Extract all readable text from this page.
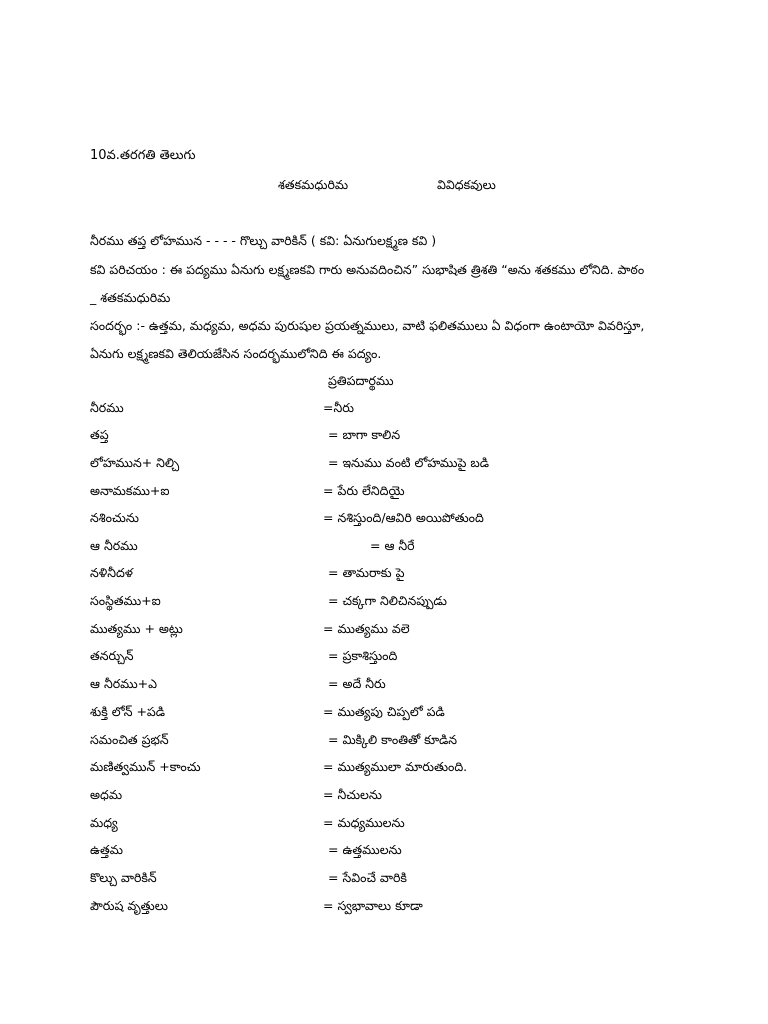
10వ.తరగతి తెలుగు
శతకమధురిమ	వివిధకవులు
నీరము తప్త లోహమున - - - - గొల్చు వారికిన్ ( కవి: ఏనుగులక్ష్మణ కవి )
కవి పరిచయం : ఈ పద్యము ఏనుగు లక్ష్మణకవి గారు అనువదించిన” సుభాషిత త్రిశతి “అను శతకము లోనిది. పాఠం
_ శతకమధురిమ
సందర్భం :- ఉత్తమ, మధ్యమ, అధమ పురుషుల ప్రయత్నములు, వాటి ఫలితములు ఏ విధంగా ఉంటాయో వివరిస్తూ,
ఏనుగు లక్ష్మణకవి తెలియజేసిన సందర్భములోనిది ఈ పద్యం.
ప్రతిపదార్థము
నీరము	=నీరు
తప్త	= బాగా కాలిన
లోహమున+ నిల్చి	= ఇనుము వంటి లోహముపై బడి
అనామకము+ఐ	= పేరు లేనిదియై
నశించును	= నశిస్తుంది/ఆవిరి అయిపోతుంది
ఆ నీరము	= ఆ నీరే
నళినీదళ	= తామరాకు పై
సంస్థితము+ఐ	= చక్కగా నిలిచినప్పుడు
ముత్యము + అట్లు	= ముత్యము వలె
తనర్చున్	= ప్రకాశిస్తుంది
ఆ నీరము+ఎ	= అదే నీరు
శుక్తి లోన్ +పడి	= ముత్యపు చిప్పలో పడి
సమంచిత ప్రభన్	= మిక్కిలి కాంతితో కూడిన
మణిత్వమున్ +కాంచు	= ముత్యములా మారుతుంది.
అధమ	= నీచులను
మధ్య	= మధ్యములను
ఉత్తమ	= ఉత్తములను
కొల్చు వారికిన్	= సేవించే వారికి
పౌరుష వృత్తులు	= స్వభావాలు కూడా
